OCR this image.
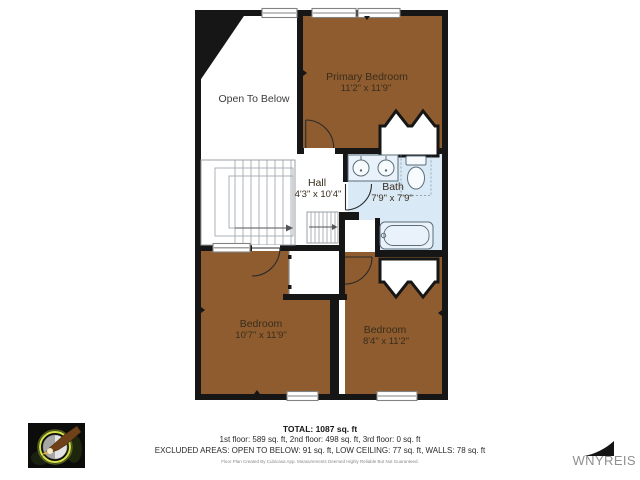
Open To Below
Primary Bedroom
11'2" x 11'9"
Hall
4'3" x 10'4"
Bath
7'9" x 7'9"
Bedroom
10'7" x 11'9"	Bedroom
8'4" x 11'2"
TOTAL: 1087 sq. ft
1st floor: 589 sq. ft, 2nd floor: 498 sq. ft, 3rd floor: 0 sq. ft
EXCLUDED AREAS: OPEN TO BELOW: 91 sq. ft, LOW CEILING: 77 sq. ft, WALLS: 78 sq. ft
Floor Plan Created By Cubicasa App. Measurements Deemed Highly Reliable But Not Guaranteed.	WNYREIS
